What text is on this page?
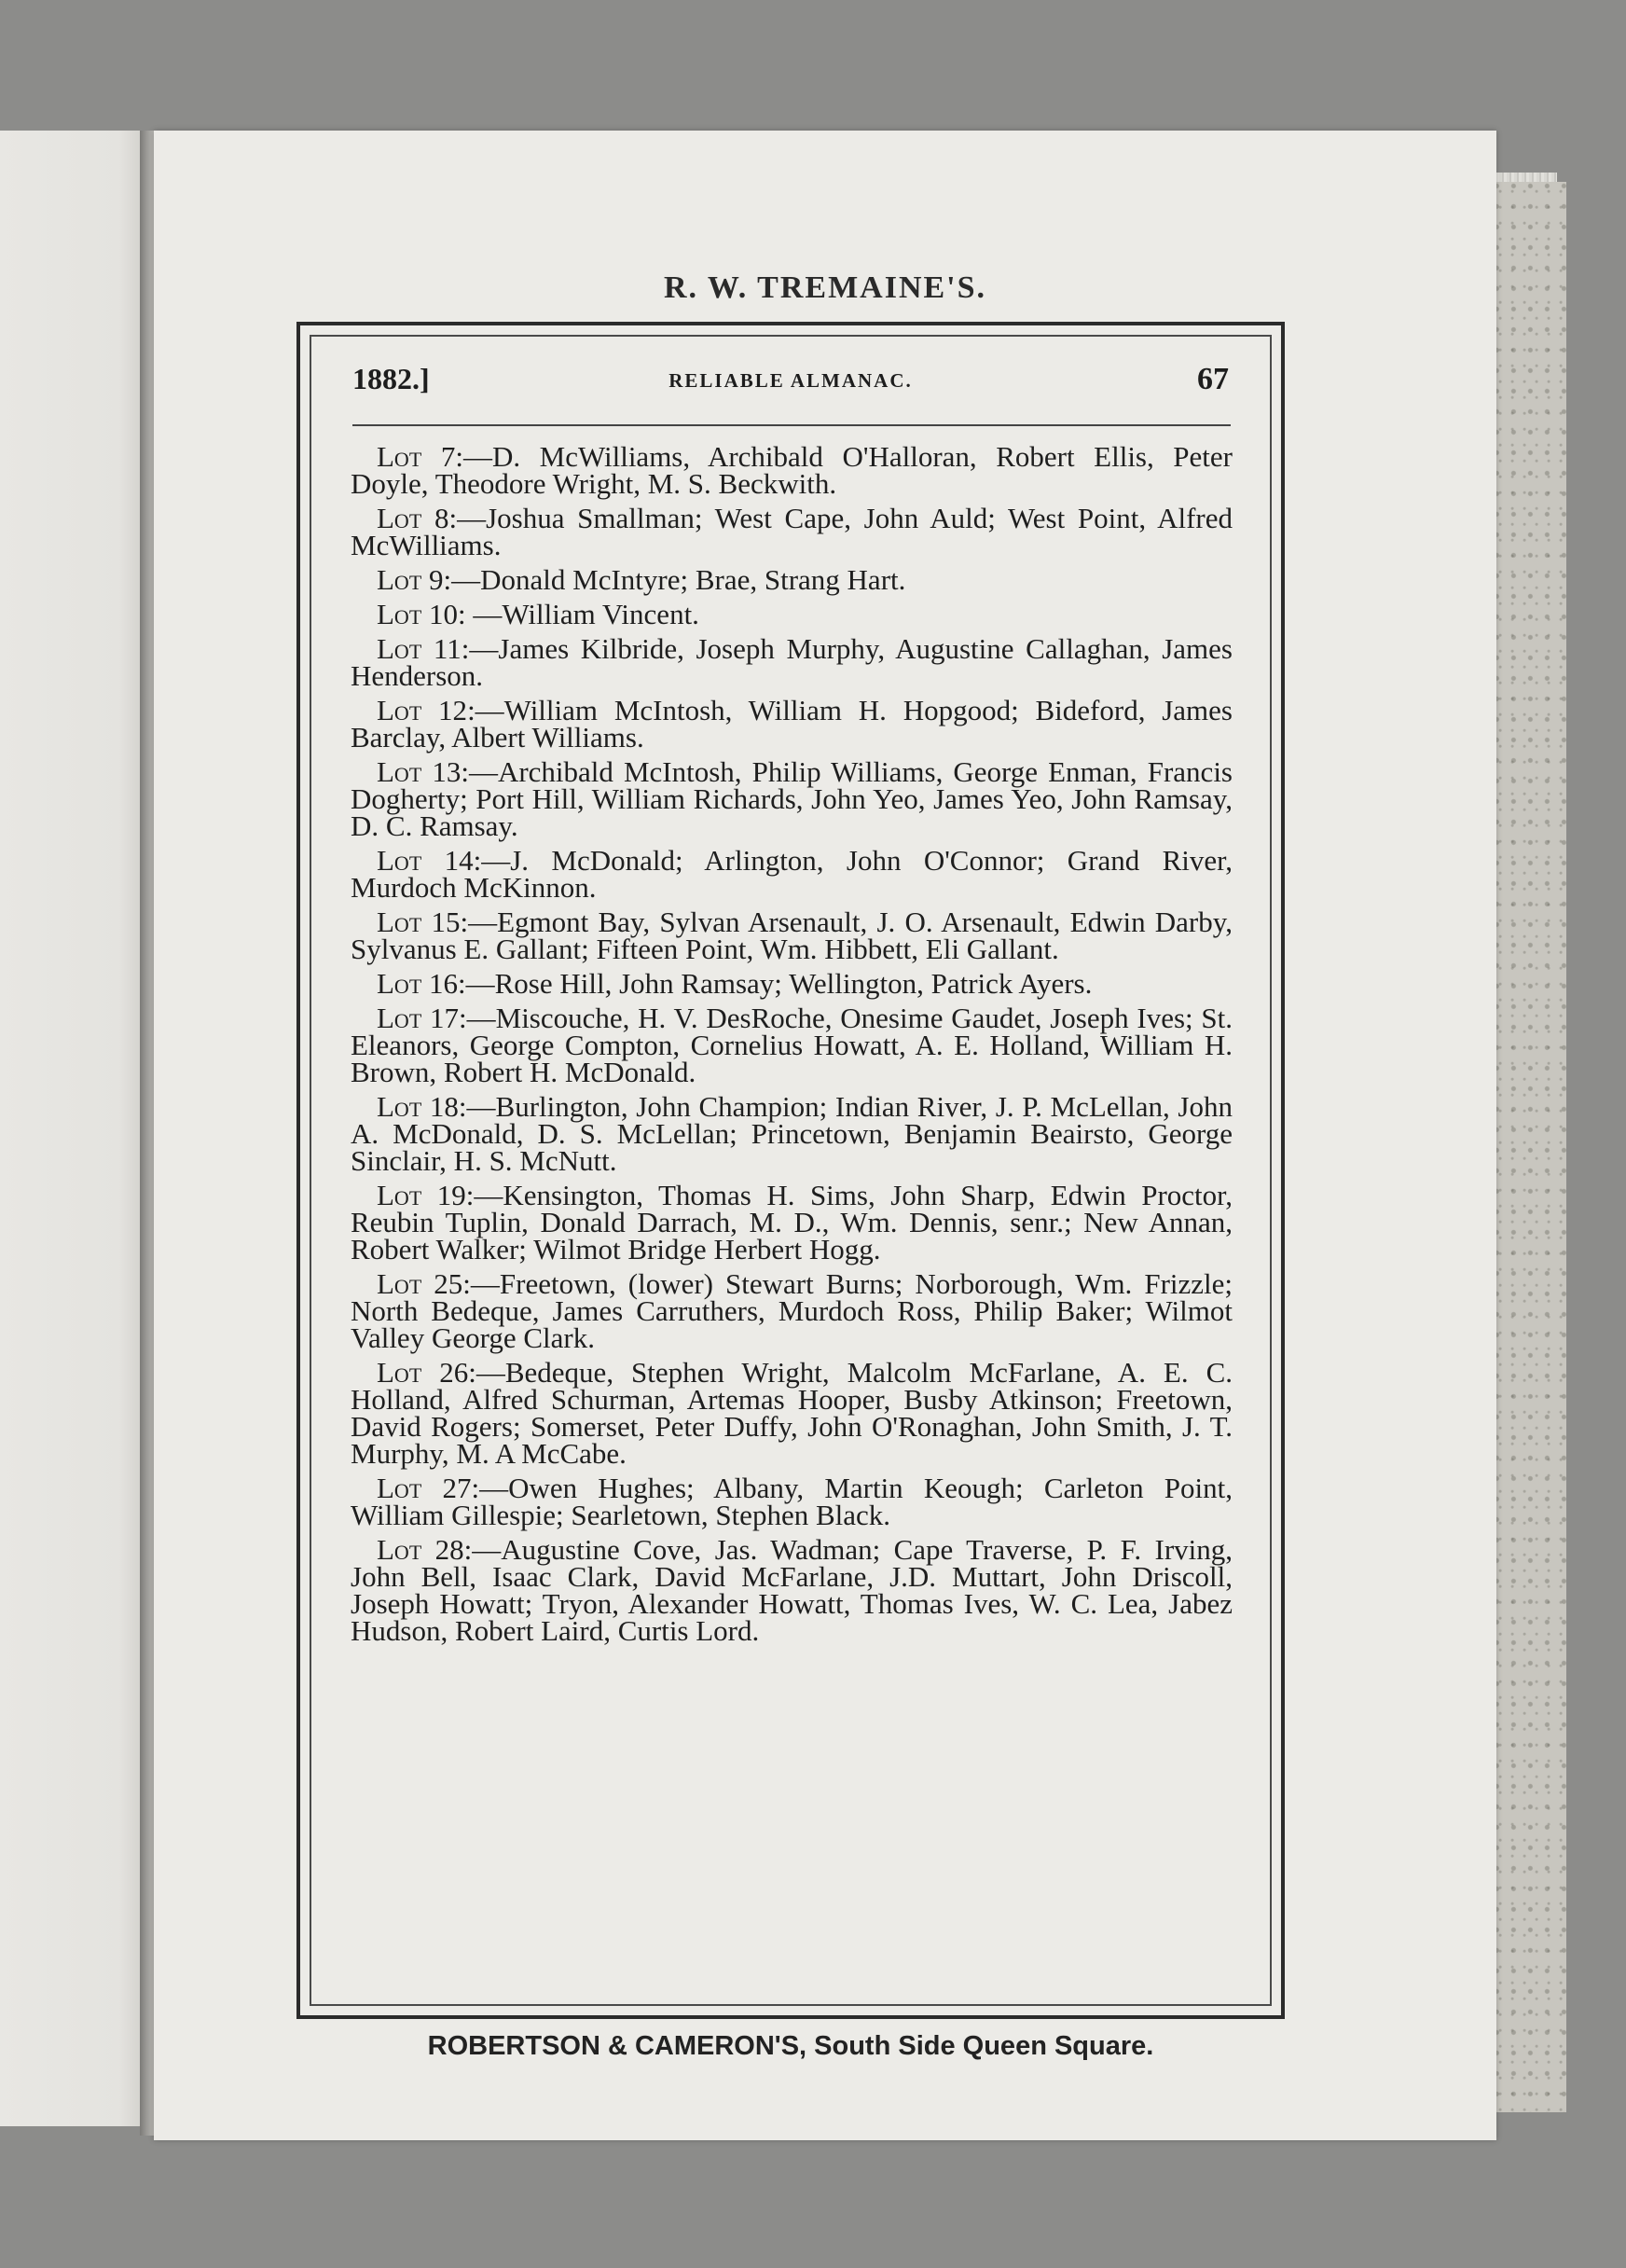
R. W. TREMAINE'S.
1882.]	RELIABLE ALMANAC.	67

Lot 7:—D. McWilliams, Archibald O'Halloran, Robert Ellis, Peter Doyle, Theodore Wright, M. S. Beckwith.

Lot 8:—Joshua Smallman; West Cape, John Auld; West Point, Alfred McWilliams.

Lot 9:—Donald McIntyre; Brae, Strang Hart.

Lot 10: —William Vincent.

Lot 11:—James Kilbride, Joseph Murphy, Augustine Callaghan, James Henderson.

Lot 12:—William McIntosh, William H. Hopgood; Bideford, James Barclay, Albert Williams.

Lot 13:—Archibald McIntosh, Philip Williams, George Enman, Francis Dogherty; Port Hill, William Richards, John Yeo, James Yeo, John Ramsay, D. C. Ramsay.

Lot 14:—J. McDonald; Arlington, John O'Connor; Grand River, Murdoch McKinnon.

Lot 15:—Egmont Bay, Sylvan Arsenault, J. O. Arsenault, Edwin Darby, Sylvanus E. Gallant; Fifteen Point, Wm. Hibbett, Eli Gallant.

Lot 16:—Rose Hill, John Ramsay; Wellington, Patrick Ayers.

Lot 17:—Miscouche, H. V. DesRoche, Onesime Gaudet, Joseph Ives; St. Eleanors, George Compton, Cornelius Howatt, A. E. Holland, William H. Brown, Robert H. McDonald.

Lot 18:—Burlington, John Champion; Indian River, J. P. McLellan, John A. McDonald, D. S. McLellan; Princetown, Benjamin Beairsto, George Sinclair, H. S. McNutt.

Lot 19:—Kensington, Thomas H. Sims, John Sharp, Edwin Proctor, Reubin Tuplin, Donald Darrach, M. D., Wm. Dennis, senr.; New Annan, Robert Walker; Wilmot Bridge Herbert Hogg.

Lot 25:—Freetown, (lower) Stewart Burns; Norborough, Wm. Frizzle; North Bedeque, James Carruthers, Murdoch Ross, Philip Baker; Wilmot Valley George Clark.

Lot 26:—Bedeque, Stephen Wright, Malcolm McFarlane, A. E. C. Holland, Alfred Schurman, Artemas Hooper, Busby Atkinson; Freetown, David Rogers; Somerset, Peter Duffy, John O'Ronaghan, John Smith, J. T. Murphy, M. A McCabe.

Lot 27:—Owen Hughes; Albany, Martin Keough; Carleton Point, William Gillespie; Searletown, Stephen Black.

Lot 28:—Augustine Cove, Jas. Wadman; Cape Traverse, P. F. Irving, John Bell, Isaac Clark, David McFarlane, J.D. Muttart, John Driscoll, Joseph Howatt; Tryon, Alexander Howatt, Thomas Ives, W. C. Lea, Jabez Hudson, Robert Laird, Curtis Lord.

ROBERTSON & CAMERON'S, South Side Queen Square.
